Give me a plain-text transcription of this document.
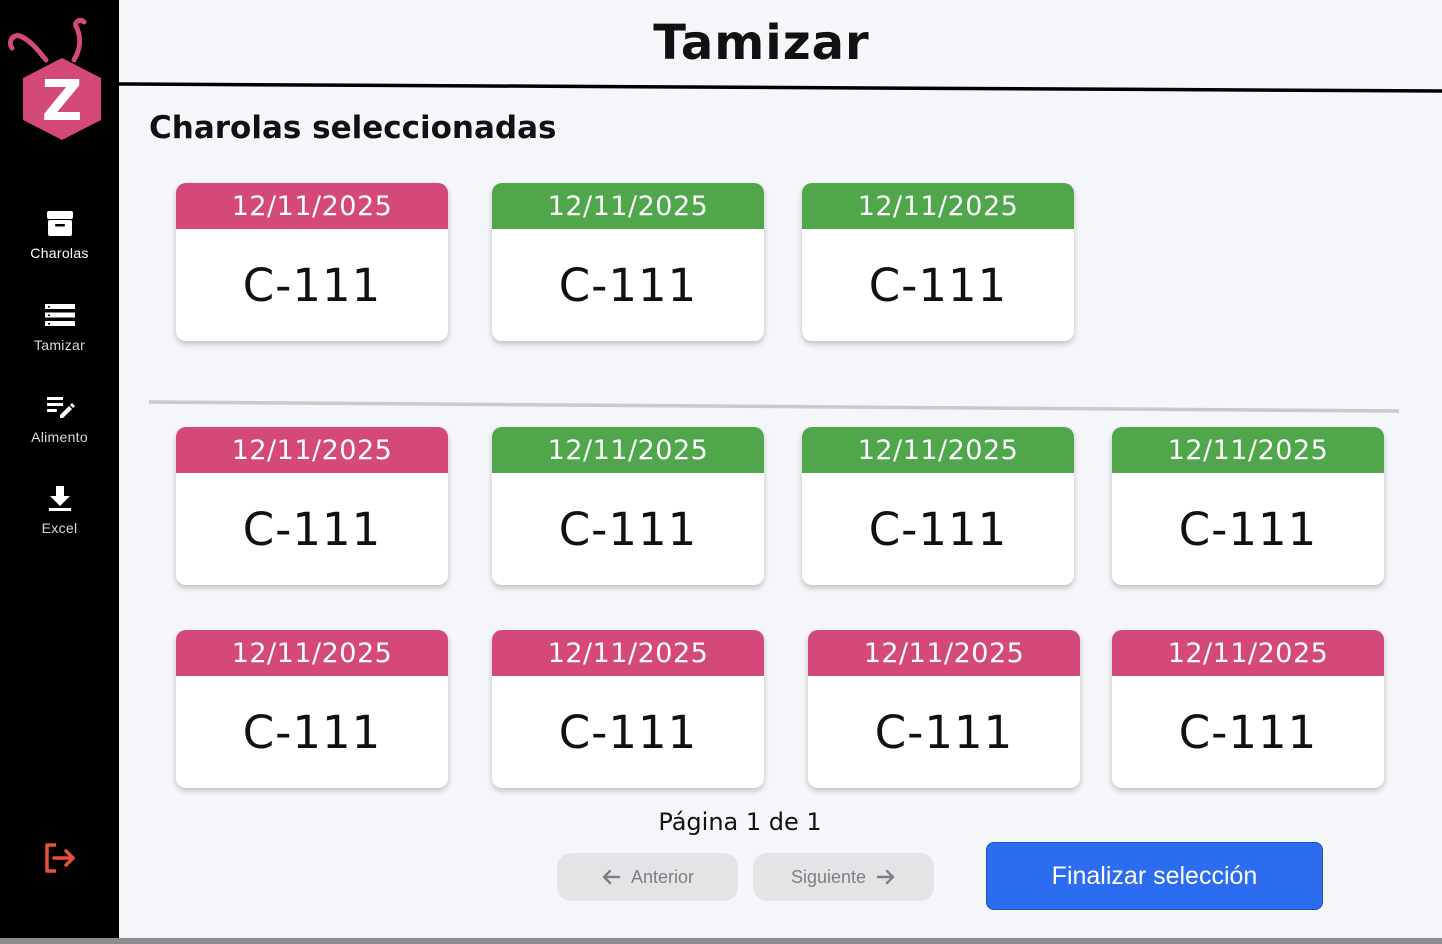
Z
Charolas
Tamizar
Alimento
Excel
Tamizar
Charolas seleccionadas
12/11/2025
C-111
12/11/2025
C-111
12/11/2025
C-111
12/11/2025
C-111
12/11/2025
C-111
12/11/2025
C-111
12/11/2025
C-111
12/11/2025
C-111
12/11/2025
C-111
12/11/2025
C-111
12/11/2025
C-111
Página 1 de 1
Anterior	Siguiente	Finalizar selección
